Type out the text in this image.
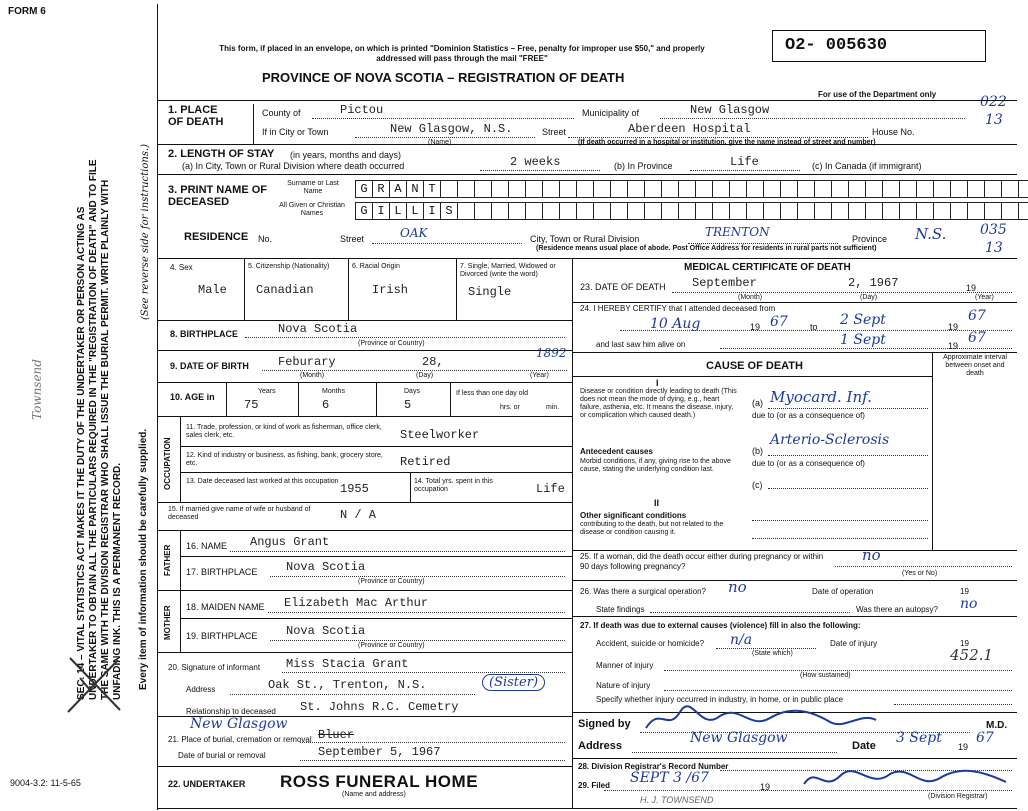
FORM 6
This form, if placed in an envelope, on which is printed "Dominion Statistics – Free, penalty for improper use $50," and properly addressed will pass through the mail "FREE"
PROVINCE OF NOVA SCOTIA – REGISTRATION OF DEATH
O2- 005630
For use of the Department only	022
13
035
13
SEC. 14 – VITAL STATISTICS ACT MAKES IT THE DUTY OF THE UNDERTAKER OR PERSON ACTING AS UNDERTAKER TO OBTAIN ALL THE PARTICULARS REQUIRED IN THE "REGISTRATION OF DEATH" AND TO FILE THE SAME WITH THE DIVISION REGISTRAR WHO SHALL ISSUE THE BURIAL PERMIT. WRITE PLAINLY WITH UNFADING INK. THIS IS A PERMANENT RECORD. Every item of information should be carefully supplied.
(See reverse side for instructions.)
Townsend
9004-3.2: 11-5-65
1. PLACE OF DEATH
County of	Pictou	Municipality of	New Glasgow
If in City or Town	New Glasgow, N.S.
(Name)
Street	Aberdeen Hospital	House No.
(If death occurred in a hospital or institution, give the name instead of street and number)
2. LENGTH OF STAY (in years, months and days)
(a) In City, Town or Rural Division where death occurred	2 weeks	(b) In Province	Life	(c) In Canada (if immigrant)
3. PRINT NAME OF DECEASED
Surname or Last Name
All Given or Christian Names
G R A N T
G I L L I S
RESIDENCE No.	Street	OAK	City, Town or Rural Division	TRENTON	Province N.S.
(Residence means usual place of abode. Post Office Address for residents in rural parts not sufficient)
4. Sex
Male
5. Citizenship (Nationality)
Canadian
6. Racial Origin
Irish
7. Single, Married, Widowed or Divorced (write the word)
Single
8. BIRTHPLACE	Nova Scotia
(Province or Country)
9. DATE OF BIRTH Feburary	28,
1892
(Month)	(Day)	(Year)
10. AGE in
Years
75
Months
6
Days
5
If less than one day old
hrs. or	min.
OCCUPATION
11. Trade, profession, or kind of work as fisherman, office clerk, sales clerk, etc.	Steelworker
12. Kind of industry or business, as fishing, bank, grocery store, etc.	Retired
13. Date deceased last worked at this occupation
1955
14. Total yrs. spent in this occupation	Life
15. If married give name of wife or husband of deceased	N / A
FATHER 16. NAME Angus Grant
17. BIRTHPLACE Nova Scotia
(Province or Country)
MOTHER 18. MAIDEN NAME Elizabeth Mac Arthur
19. BIRTHPLACE Nova Scotia
(Province or Country)
20. Signature of informant Miss Stacia Grant
Address	Oak St., Trenton, N.S.	(Sister)
Relationship to deceased St. Johns R.C. Cemetry
New Glasgow
Bluer
21. Place of burial, cremation or removal
Date of burial or removal	September 5, 1967
22. UNDERTAKER ROSS FUNERAL HOME
(Name and address)
MEDICAL CERTIFICATE OF DEATH
23. DATE OF DEATH September	2, 1967	19
(Month)	(Day)	(Year)
24. I HEREBY CERTIFY that I attended deceased from
10 Aug	19 67 to 2 Sept	19
67
and last saw him alive on	1 Sept	19 67
CAUSE OF DEATH
Approximate interval between onset and death
I
Disease or condition directly leading to death (This does not mean the mode of dying, e.g., heart failure, asthenia, etc. It means the disease, injury, or complication which caused death.)
(a) Myocard. Inf.
due to (or as a consequence of)
Antecedent causes
Morbid conditions, if any, giving rise to the above cause, stating the underlying condition last.
(b)
Arterio-Sclerosis
due to (or as a consequence of)
(c)
II
Other significant conditions
contributing to the death, but not related to the disease or condition causing it.
25. If a woman, did the death occur either during pregnancy or within 90 days following pregnancy?
no
(Yes or No)
26. Was there a surgical operation? no	Date of operation	19
State findings	Was there an autopsy? no
27. If death was due to external causes (violence) fill in also the following:
Accident, suicide or homicide? n/a
(State which)
Date of injury	19
Manner of injury
452.1
(How sustained)
Nature of injury
Specify whether injury occurred in industry, in home, or in public place
Signed by	M.D.
Address	New Glasgow	Date 3 Sept
19
67
28. Division Registrar's Record Number
29. Filed SEPT 3 /67
19
(Division Registrar)
H. J. TOWNSEND
